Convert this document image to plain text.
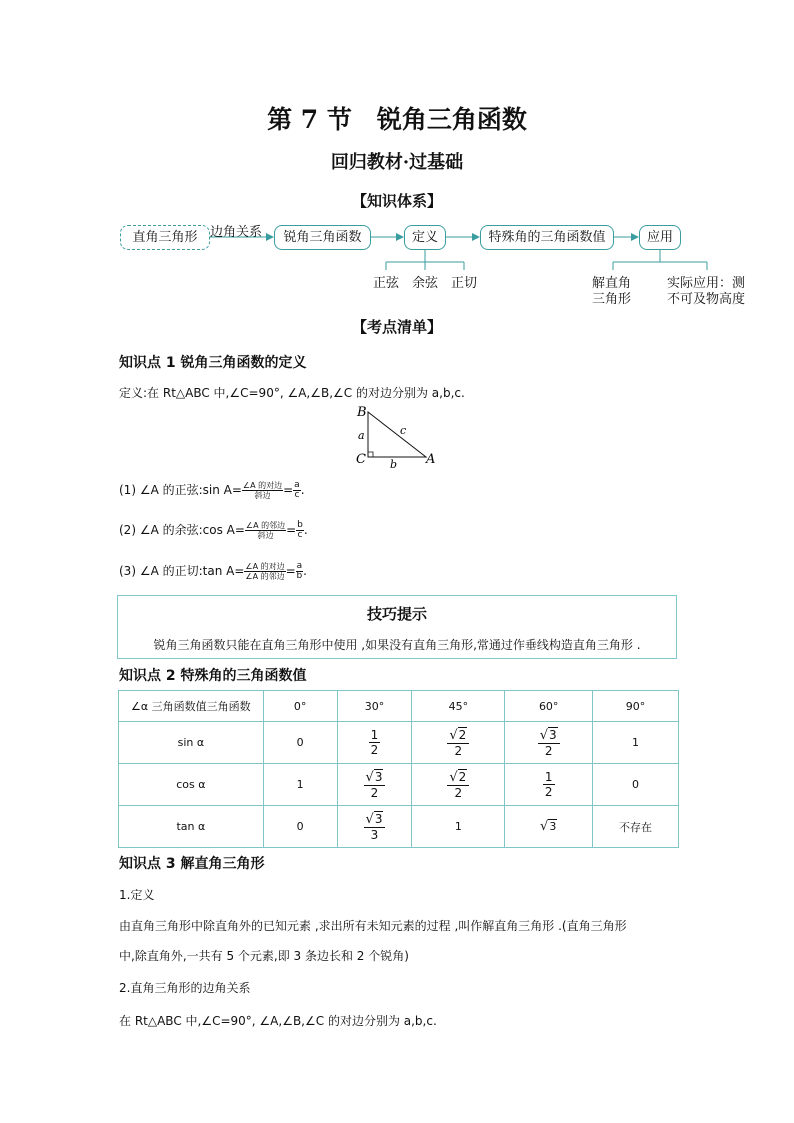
第 7 节　锐角三角函数
回归教材·过基础
【知识体系】
直角三角形 边角关系	锐角三角函数	定义	特殊角的三角函数值	应用
正弦 余弦 正切	解直角
三角形
实际应用：测
不可及物高度
【考点清单】
知识点 1 锐角三角函数的定义
定义:在 Rt△ABC 中,∠C=90°, ∠A,∠B,∠C 的对边分别为 a,b,c.
B
C	A
a
b
c
(1) ∠A 的正弦:sin $A= \frac{\text{∠A 的对边}}{\text{斜边}} = \frac{a}{c}$.
(2) ∠A 的余弦:cos $A= \frac{\text{∠A 的邻边}}{\text{斜边}} = \frac{b}{c}$.
(3) ∠A 的正切:tan $A= \frac{\text{∠A 的对边}}{\text{∠A 的邻边}} = \frac{a}{b}$.
技巧提示
锐角三角函数只能在直角三角形中使用 ,如果没有直角三角形,常通过作垂线构造直角三角形 .
知识点 2 特殊角的三角函数值
∠α 三角函数值三角函数	0°	30°	45°	60°	90°
sin α	0	$\frac{1}{2}$	$\frac{√2}{2}$	$\frac{√3}{2}$	1
cos α	1	$\frac{√3}{2}$	$\frac{√2}{2}$	$\frac{1}{2}$	0
tan α	0	$\frac{√3}{3}$	1	√3	不存在
知识点 3 解直角三角形
1.定义
由直角三角形中除直角外的已知元素 ,求出所有未知元素的过程 ,叫作解直角三角形 .(直角三角形
中,除直角外,一共有 5 个元素,即 3 条边长和 2 个锐角)
2.直角三角形的边角关系
在 Rt△ABC 中,∠C=90°, ∠A,∠B,∠C 的对边分别为 a,b,c.
